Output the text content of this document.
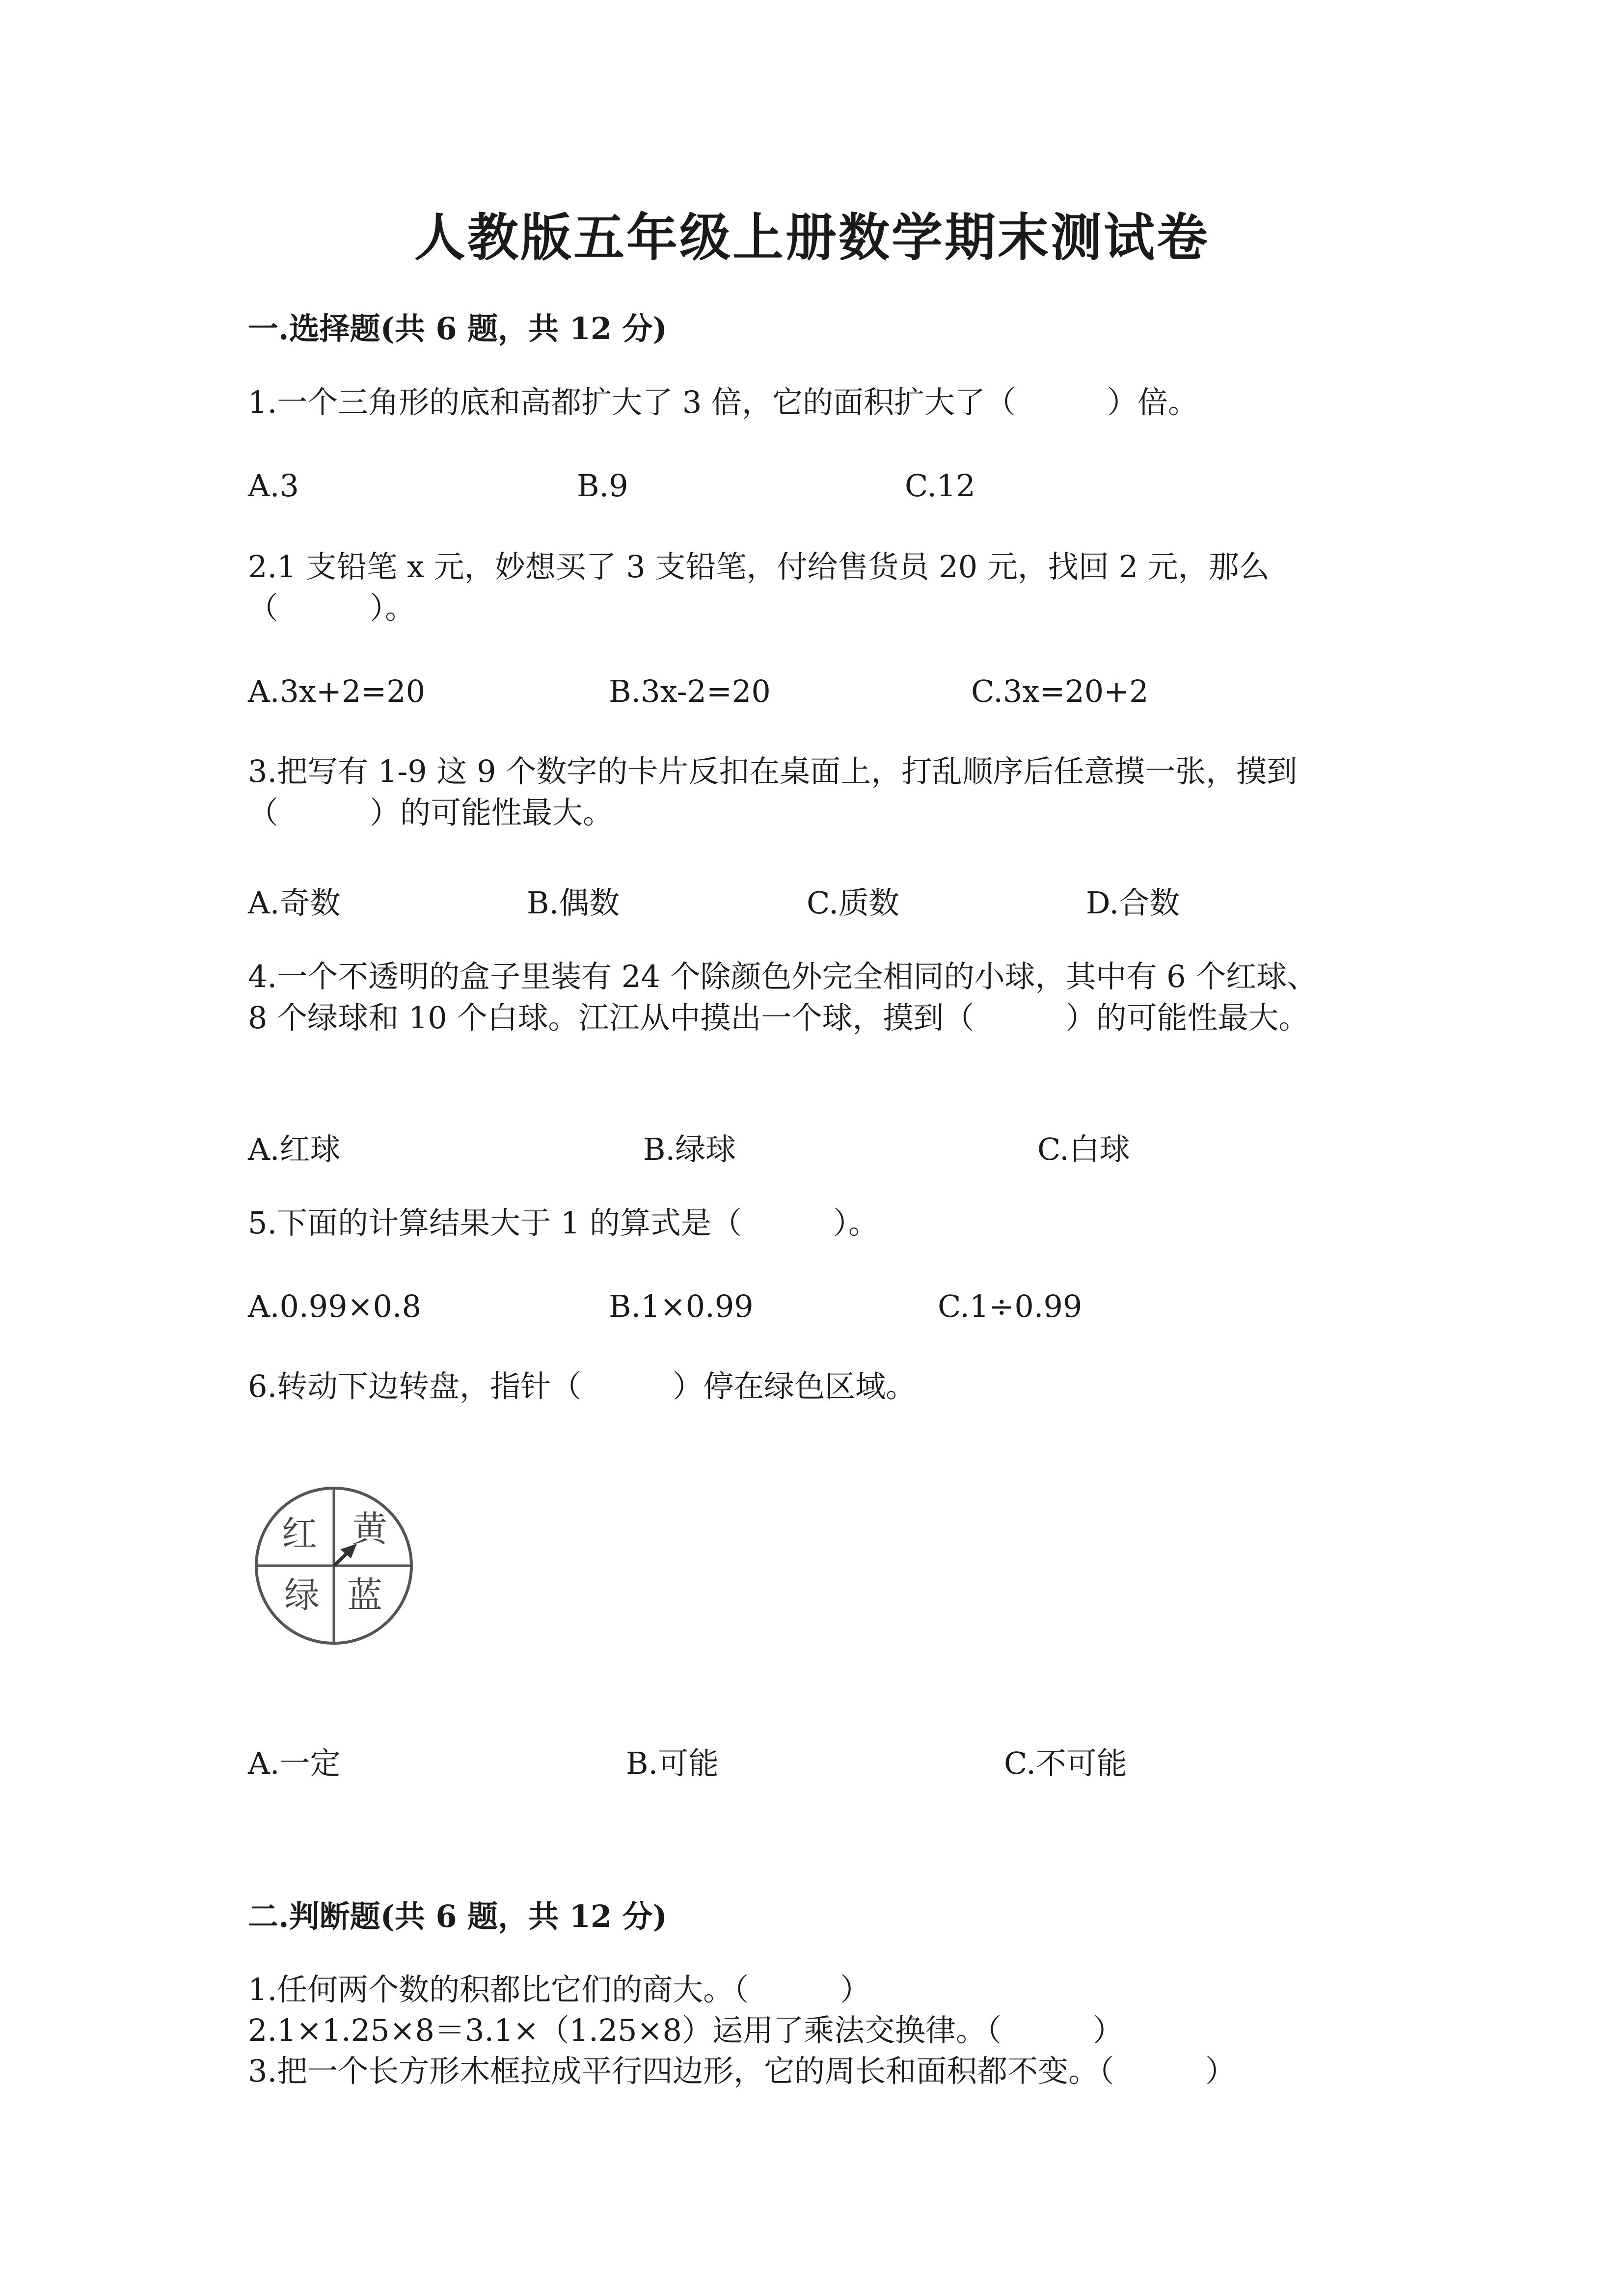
人教版五年级上册数学期末测试卷
一.选择题(共 6 题，共 12 分)
1.一个三角形的底和高都扩大了 3 倍，它的面积扩大了（　　　）倍。
A.3	B.9	C.12
2.1 支铅笔 x 元，妙想买了 3 支铅笔，付给售货员 20 元，找回 2 元，那么
（　　　）。
A.3x+2=20	B.3x-2=20	C.3x=20+2
3.把写有 1-9 这 9 个数字的卡片反扣在桌面上，打乱顺序后任意摸一张，摸到
（　　　）的可能性最大。
A.奇数	B.偶数	C.质数	D.合数
4.一个不透明的盒子里装有 24 个除颜色外完全相同的小球，其中有 6 个红球、
8 个绿球和 10 个白球。江江从中摸出一个球，摸到（　　　）的可能性最大。
A.红球	B.绿球	C.白球
5.下面的计算结果大于 1 的算式是（　　　）。
A.0.99×0.8	B.1×0.99	C.1÷0.99
6.转动下边转盘，指针（　　　）停在绿色区域。
红 黄
绿 蓝
A.一定	B.可能	C.不可能
二.判断题(共 6 题，共 12 分)
1.任何两个数的积都比它们的商大。（　　　）
2.1×1.25×8＝3.1×（1.25×8）运用了乘法交换律。（　　　）
3.把一个长方形木框拉成平行四边形，它的周长和面积都不变。（　　　）
